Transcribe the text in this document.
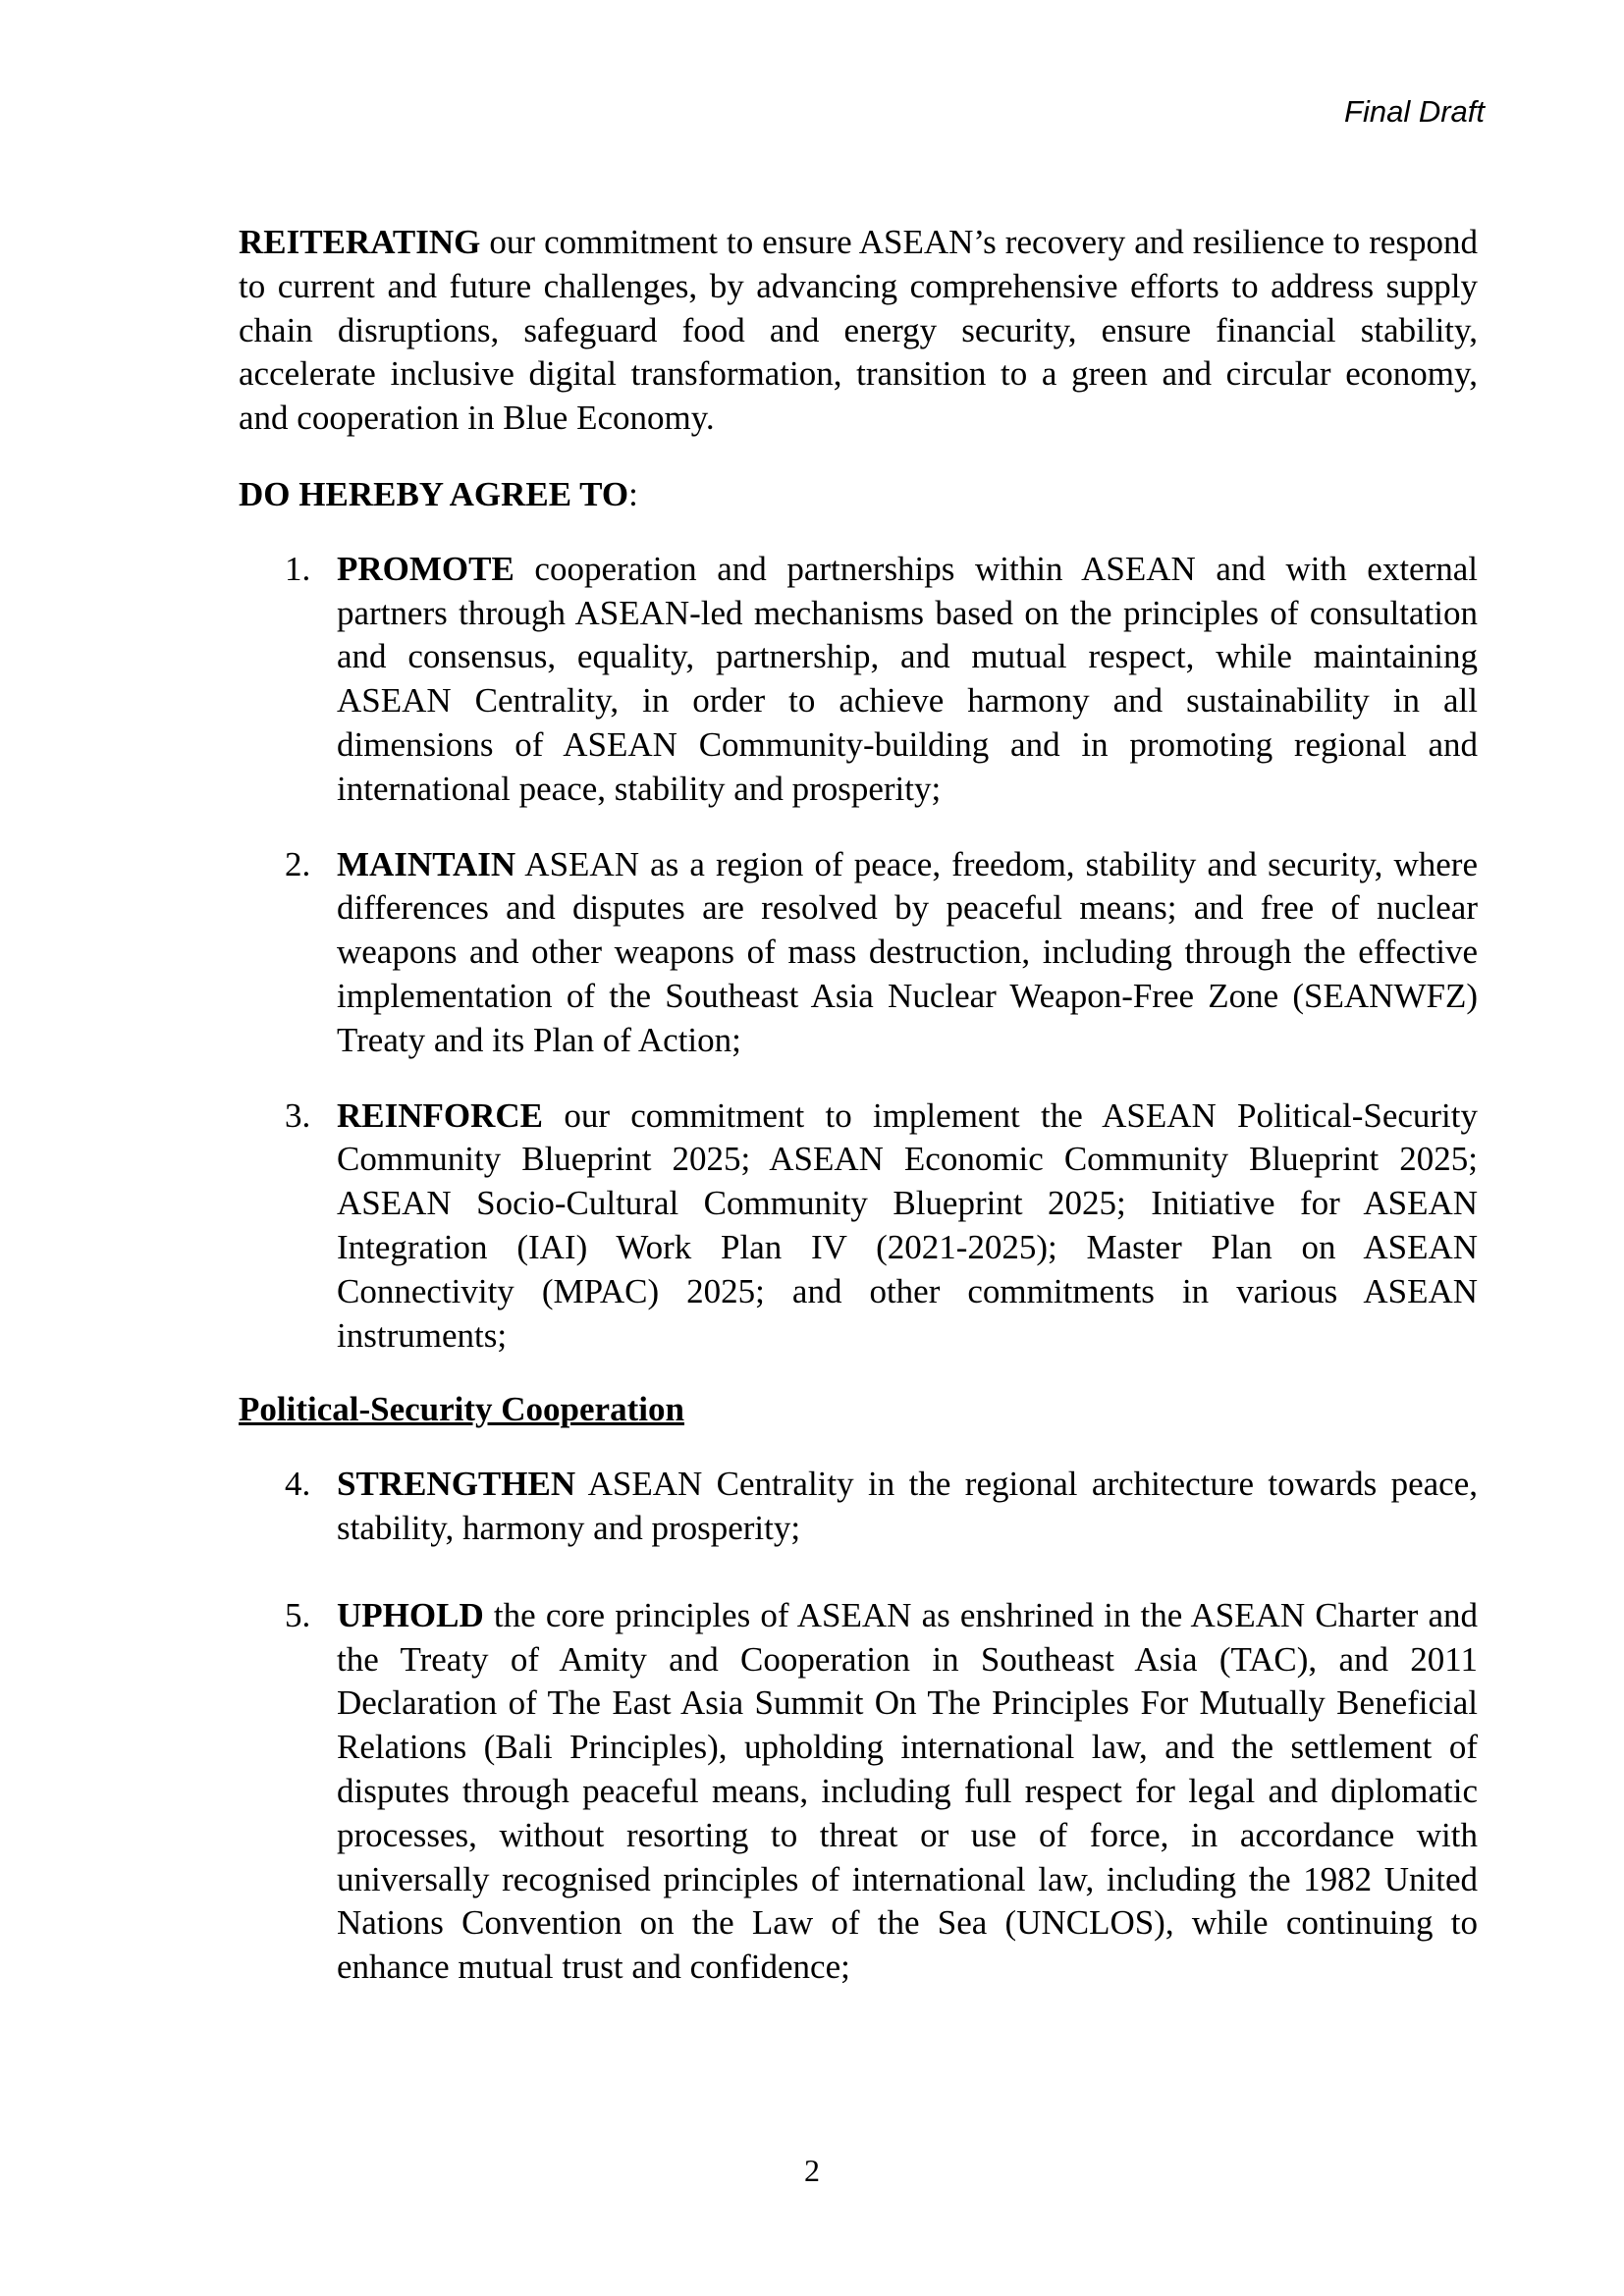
Final Draft

REITERATING our commitment to ensure ASEAN’s recovery and resilience to respond to current and future challenges, by advancing comprehensive efforts to address supply chain disruptions, safeguard food and energy security, ensure financial stability, accelerate inclusive digital transformation, transition to a green and circular economy, and cooperation in Blue Economy.

DO HEREBY AGREE TO:

1. PROMOTE cooperation and partnerships within ASEAN and with external partners through ASEAN-led mechanisms based on the principles of consultation and consensus, equality, partnership, and mutual respect, while maintaining ASEAN Centrality, in order to achieve harmony and sustainability in all dimensions of ASEAN Community-building and in promoting regional and international peace, stability and prosperity;
2. MAINTAIN ASEAN as a region of peace, freedom, stability and security, where differences and disputes are resolved by peaceful means; and free of nuclear weapons and other weapons of mass destruction, including through the effective implementation of the Southeast Asia Nuclear Weapon-Free Zone (SEANWFZ) Treaty and its Plan of Action;
3. REINFORCE our commitment to implement the ASEAN Political-Security Community Blueprint 2025; ASEAN Economic Community Blueprint 2025; ASEAN Socio-Cultural Community Blueprint 2025; Initiative for ASEAN Integration (IAI) Work Plan IV (2021-2025); Master Plan on ASEAN Connectivity (MPAC) 2025; and other commitments in various ASEAN instruments;

Political-Security Cooperation

4. STRENGTHEN ASEAN Centrality in the regional architecture towards peace, stability, harmony and prosperity;
5. UPHOLD the core principles of ASEAN as enshrined in the ASEAN Charter and the Treaty of Amity and Cooperation in Southeast Asia (TAC), and 2011 Declaration of The East Asia Summit On The Principles For Mutually Beneficial Relations (Bali Principles), upholding international law, and the settlement of disputes through peaceful means, including full respect for legal and diplomatic processes, without resorting to threat or use of force, in accordance with universally recognised principles of international law, including the 1982 United Nations Convention on the Law of the Sea (UNCLOS), while continuing to enhance mutual trust and confidence;
2
